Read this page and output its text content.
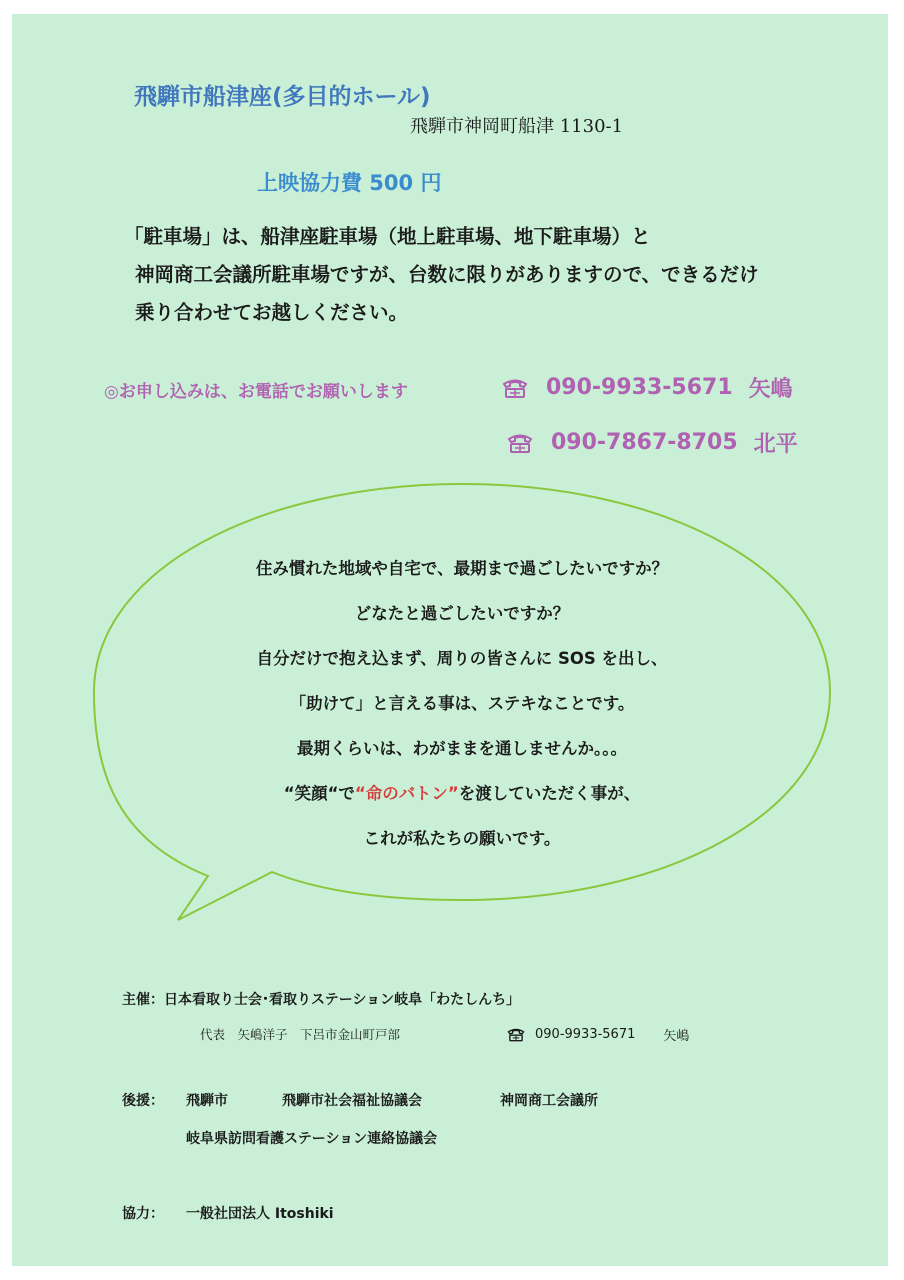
飛騨市船津座(多目的ホール)
飛騨市神岡町船津 1130-1
上映協力費 500 円
「駐車場」は、船津座駐車場（地上駐車場、地下駐車場）と
神岡商工会議所駐車場ですが、台数に限りがありますので、できるだけ
乗り合わせてお越しください。
◎お申し込みは、お電話でお願いします	090-9933-5671 矢嶋
090-7867-8705 北平
住み慣れた地域や自宅で、最期まで過ごしたいですか？
どなたと過ごしたいですか？
自分だけで抱え込まず、周りの皆さんに SOS を出し、
「助けて」と言える事は、ステキなことです。
最期くらいは、わがままを通しませんか。。。
“笑顔“で“命のバトン”を渡していただく事が、
これが私たちの願いです。
主催：日本看取り士会･看取りステーション岐阜「わたしんち」
代表　矢嶋洋子　下呂市金山町戸部	090-9933-5671 矢嶋
後援： 飛騨市	飛騨市社会福祉協議会	神岡商工会議所
岐阜県訪問看護ステーション連絡協議会
協力： 一般社団法人 Itoshiki
